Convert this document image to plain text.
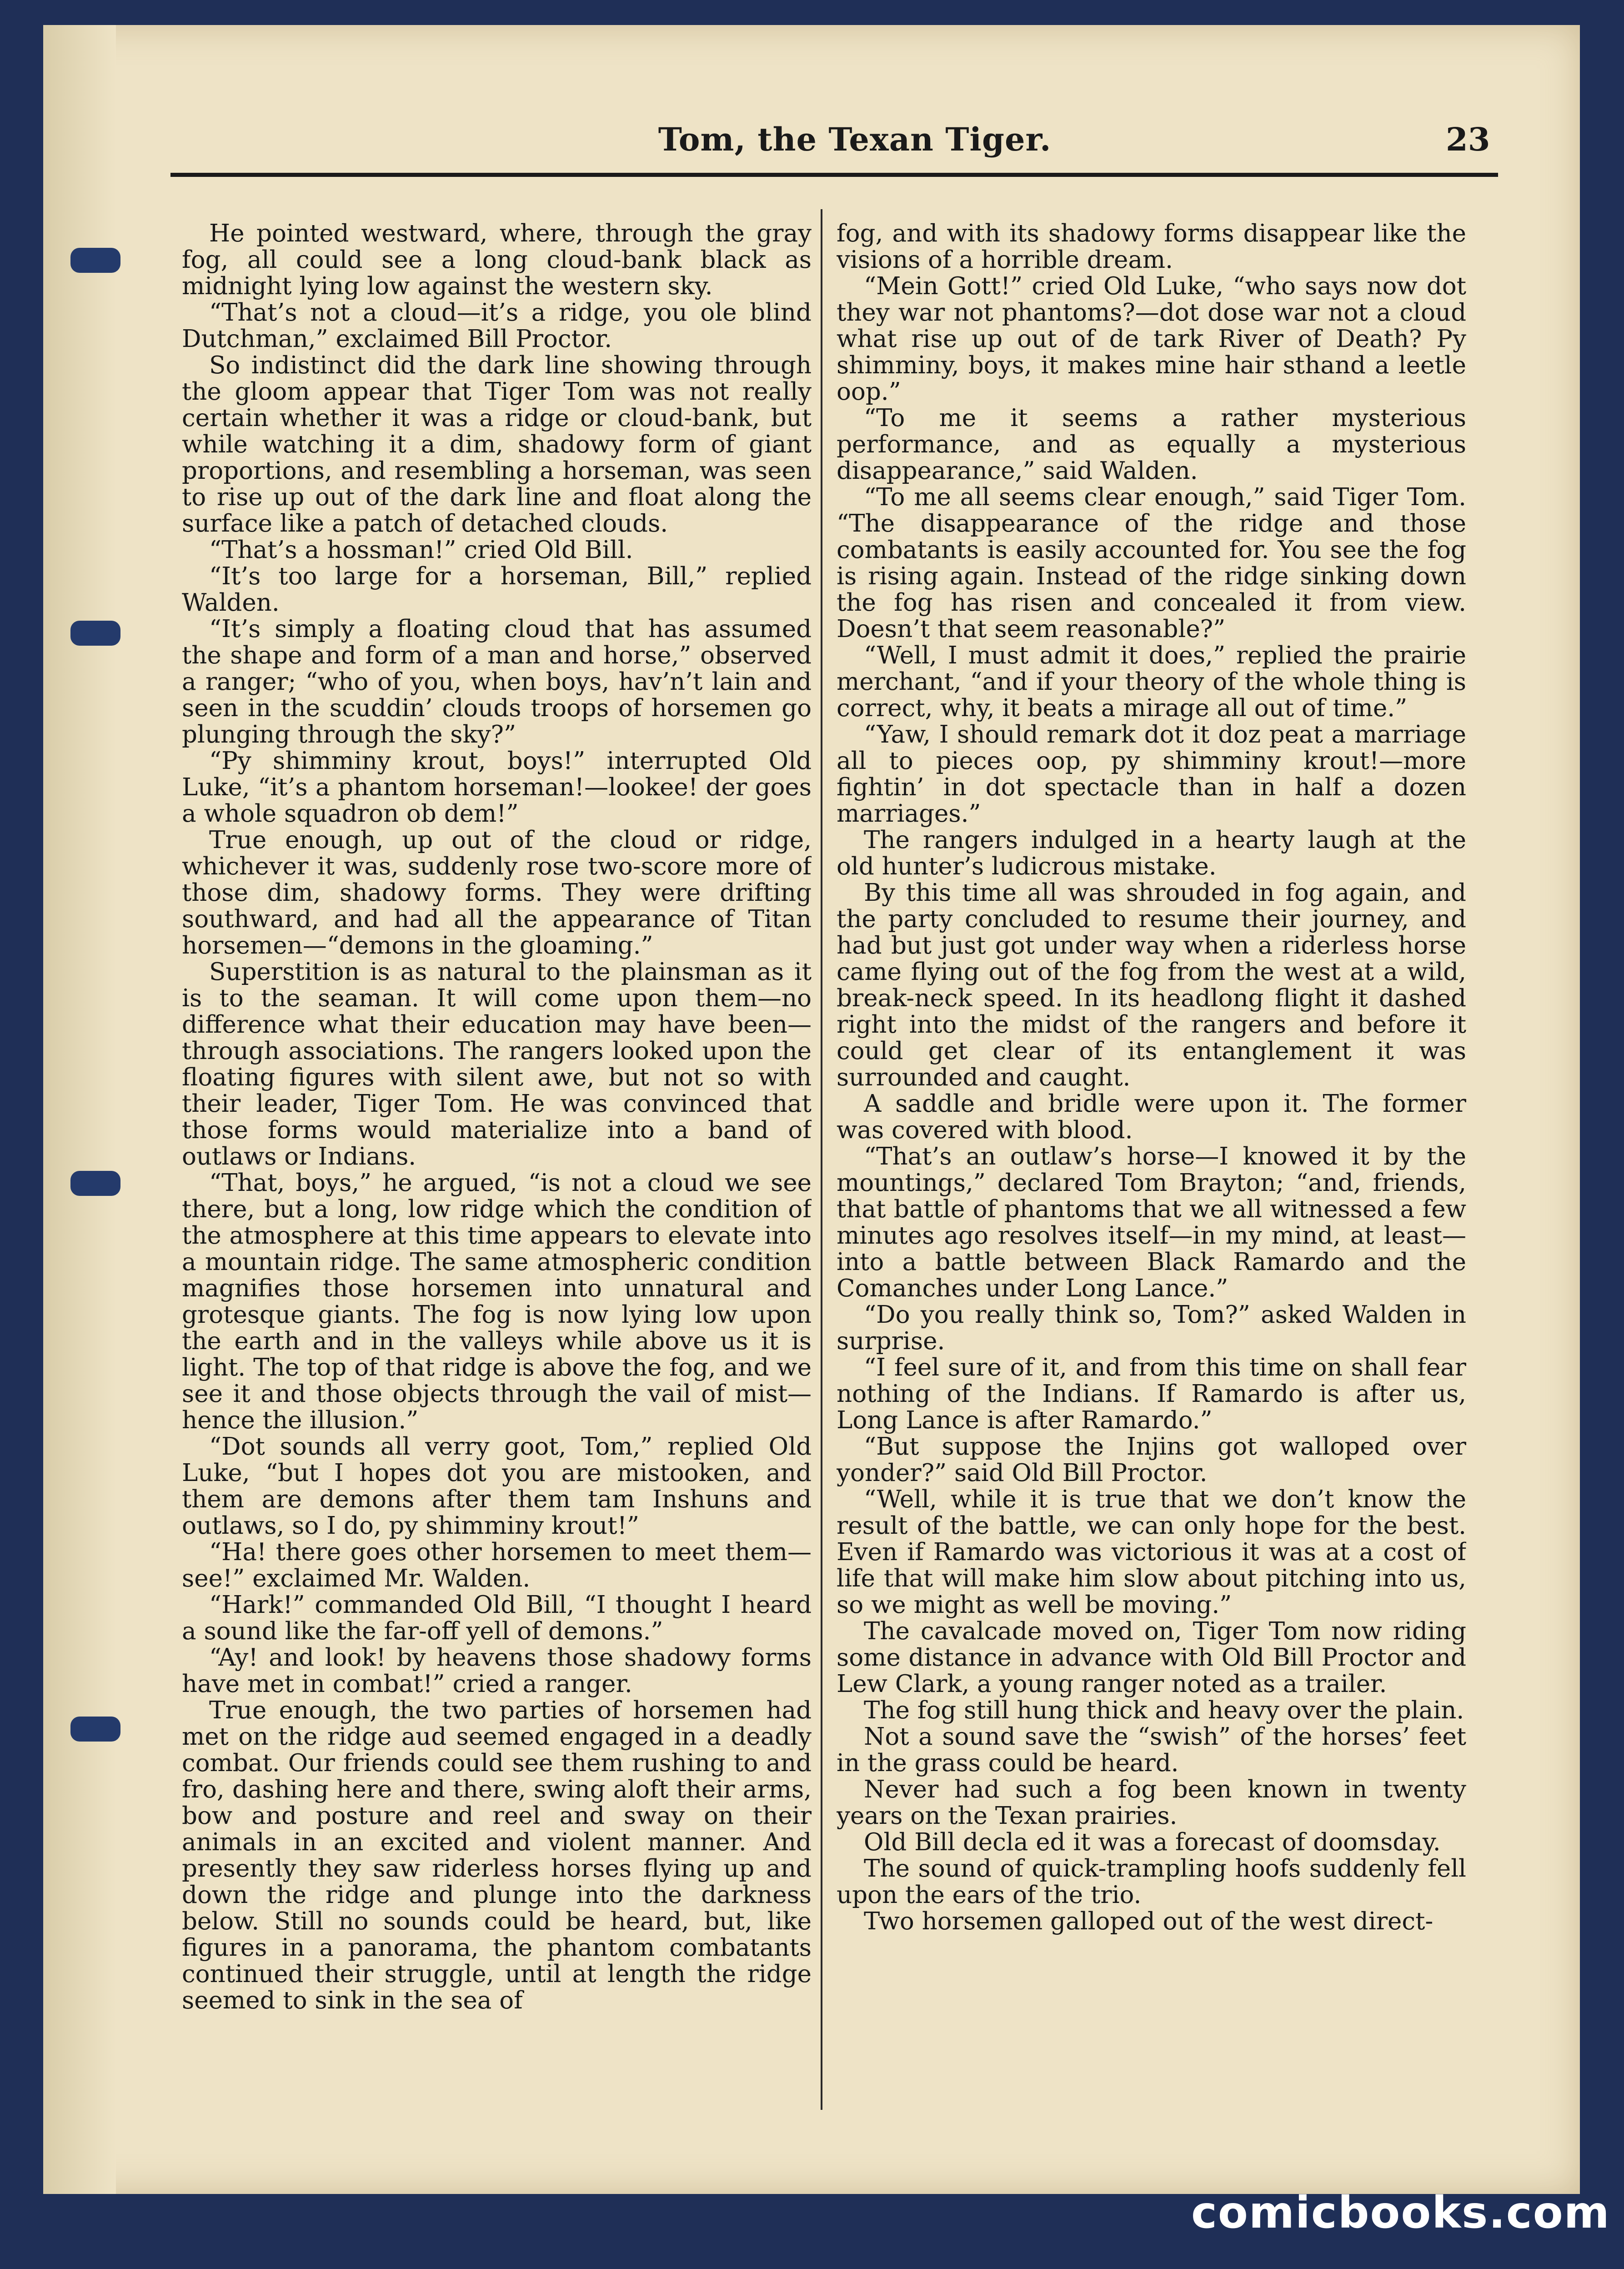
Tom, the Texan Tiger.	23

He pointed westward, where, through the gray fog, all could see a long cloud-bank black as midnight lying low against the western sky.

“That’s not a cloud—it’s a ridge, you ole blind Dutchman,” exclaimed Bill Proctor.

So indistinct did the dark line showing through the gloom appear that Tiger Tom was not really certain whether it was a ridge or cloud-bank, but while watching it a dim, shadowy form of giant proportions, and resembling a horseman, was seen to rise up out of the dark line and float along the surface like a patch of detached clouds.

“That’s a hossman!” cried Old Bill.

“It’s too large for a horseman, Bill,” replied Walden.

“It’s simply a floating cloud that has assumed the shape and form of a man and horse,” observed a ranger; “who of you, when boys, hav’n’t lain and seen in the scuddin’ clouds troops of horsemen go plunging through the sky?”

“Py shimminy krout, boys!” interrupted Old Luke, “it’s a phantom horseman!—lookee! der goes a whole squadron ob dem!”

True enough, up out of the cloud or ridge, whichever it was, suddenly rose two-score more of those dim, shadowy forms. They were drifting southward, and had all the appearance of Titan horsemen—“demons in the gloaming.”

Superstition is as natural to the plainsman as it is to the seaman. It will come upon them—no difference what their education may have been—through associations. The rangers looked upon the floating figures with silent awe, but not so with their leader, Tiger Tom. He was convinced that those forms would materialize into a band of outlaws or Indians.

“That, boys,” he argued, “is not a cloud we see there, but a long, low ridge which the condition of the atmosphere at this time appears to elevate into a mountain ridge. The same atmospheric condition magnifies those horsemen into unnatural and grotesque giants. The fog is now lying low upon the earth and in the valleys while above us it is light. The top of that ridge is above the fog, and we see it and those objects through the vail of mist—hence the illusion.”

“Dot sounds all verry goot, Tom,” replied Old Luke, “but I hopes dot you are mistooken, and them are demons after them tam Inshuns and outlaws, so I do, py shimminy krout!”

“Ha! there goes other horsemen to meet them—see!” exclaimed Mr. Walden.

“Hark!” commanded Old Bill, “I thought I heard a sound like the far-off yell of demons.”

“Ay! and look! by heavens those shadowy forms have met in combat!” cried a ranger.

True enough, the two parties of horsemen had met on the ridge aud seemed engaged in a deadly combat. Our friends could see them rushing to and fro, dashing here and there, swing aloft their arms, bow and posture and reel and sway on their animals in an excited and violent manner. And presently they saw riderless horses flying up and down the ridge and plunge into the darkness below. Still no sounds could be heard, but, like figures in a panorama, the phantom combatants continued their struggle, until at length the ridge seemed to sink in the sea of

fog, and with its shadowy forms disappear like the visions of a horrible dream.

“Mein Gott!” cried Old Luke, “who says now dot they war not phantoms?—dot dose war not a cloud what rise up out of de tark River of Death? Py shimminy, boys, it makes mine hair sthand a leetle oop.”

“To me it seems a rather mysterious performance, and as equally a mysterious disappearance,” said Walden.

“To me all seems clear enough,” said Tiger Tom. “The disappearance of the ridge and those combatants is easily accounted for. You see the fog is rising again. Instead of the ridge sinking down the fog has risen and concealed it from view. Doesn’t that seem reasonable?”

“Well, I must admit it does,” replied the prairie merchant, “and if your theory of the whole thing is correct, why, it beats a mirage all out of time.”

“Yaw, I should remark dot it doz peat a marriage all to pieces oop, py shimminy krout!—more fightin’ in dot spectacle than in half a dozen marriages.”

The rangers indulged in a hearty laugh at the old hunter’s ludicrous mistake.

By this time all was shrouded in fog again, and the party concluded to resume their journey, and had but just got under way when a riderless horse came flying out of the fog from the west at a wild, break-neck speed. In its headlong flight it dashed right into the midst of the rangers and before it could get clear of its entanglement it was surrounded and caught.

A saddle and bridle were upon it. The former was covered with blood.

“That’s an outlaw’s horse—I knowed it by the mountings,” declared Tom Brayton; “and, friends, that battle of phantoms that we all witnessed a few minutes ago resolves itself—in my mind, at least—into a battle between Black Ramardo and the Comanches under Long Lance.”

“Do you really think so, Tom?” asked Walden in surprise.

“I feel sure of it, and from this time on shall fear nothing of the Indians. If Ramardo is after us, Long Lance is after Ramardo.”

“But suppose the Injins got walloped over yonder?” said Old Bill Proctor.

“Well, while it is true that we don’t know the result of the battle, we can only hope for the best. Even if Ramardo was victorious it was at a cost of life that will make him slow about pitching into us, so we might as well be moving.”

The cavalcade moved on, Tiger Tom now riding some distance in advance with Old Bill Proctor and Lew Clark, a young ranger noted as a trailer.

The fog still hung thick and heavy over the plain.

Not a sound save the “swish” of the horses’ feet in the grass could be heard.

Never had such a fog been known in twenty years on the Texan prairies.

Old Bill decla ed it was a forecast of doomsday.

The sound of quick-trampling hoofs suddenly fell upon the ears of the trio.

Two horsemen galloped out of the west direct-

comicbooks.com
